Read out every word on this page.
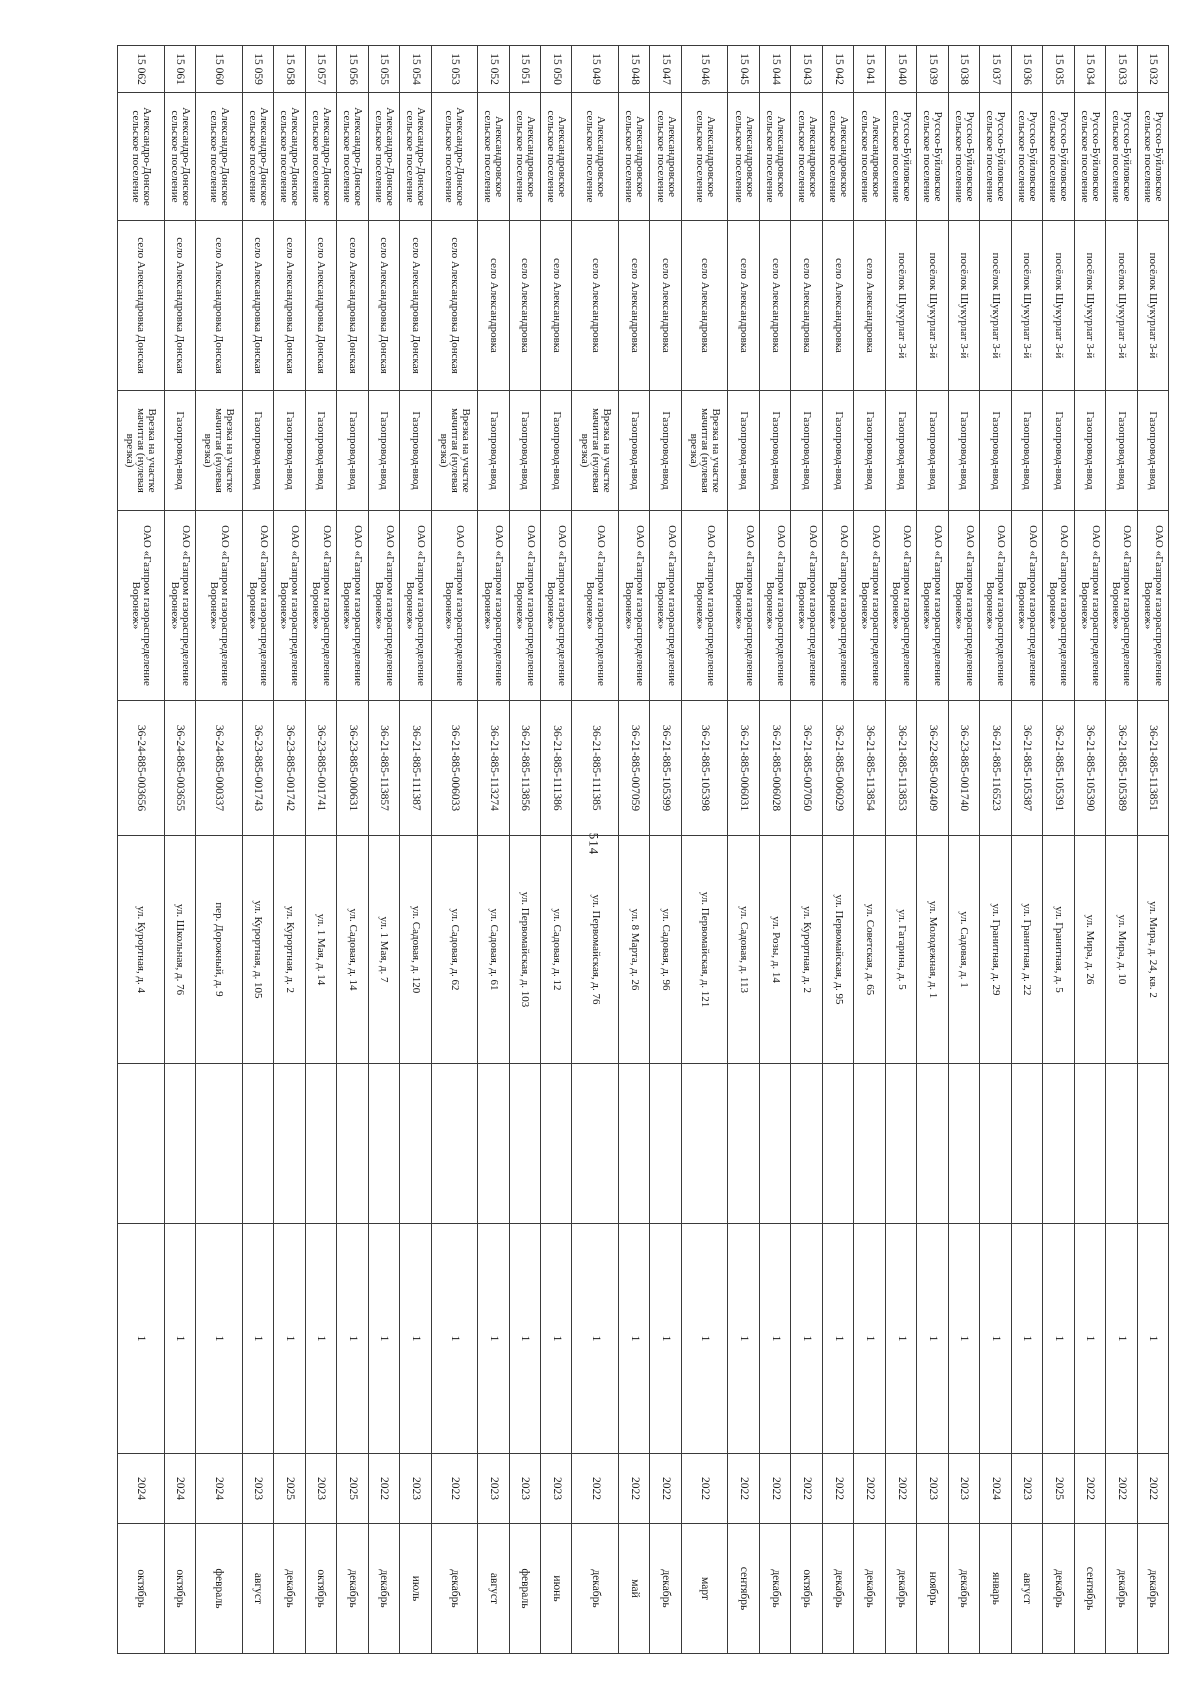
514
15 032	Руссκо-Буйловское сельское поселение	посёлок Шукурлат 3-й	Газопровод-ввод	ОАО «Газпром газораспределение Воронеж»	36-21-885-113851	ул. Мира, д. 24, кв. 2		1	2022	декабрь
15 033	Руссκо-Буйловское сельское поселение	посёлок Шукурлат 3-й	Газопровод-ввод	ОАО «Газпром газораспределение Воронеж»	36-21-885-105389	ул. Мира, д. 10		1	2022	декабрь
15 034	Руссκо-Буйловское сельское поселение	посёлок Шукурлат 3-й	Газопровод-ввод	ОАО «Газпром газораспределение Воронеж»	36-21-885-105390	ул. Мира, д. 26		1	2022	сентябрь
15 035	Руссκо-Буйловское сельское поселение	посёлок Шукурлат 3-й	Газопровод-ввод	ОАО «Газпром газораспределение Воронеж»	36-21-885-105391	ул. Гранитная, д. 5		1	2025	декабрь
15 036	Руссκо-Буйловское сельское поселение	посёлок Шукурлат 3-й	Газопровод-ввод	ОАО «Газпром газораспределение Воронеж»	36-21-885-105387	ул. Гранитная, д. 22		1	2023	август
15 037	Руссκо-Буйловское сельское поселение	посёлок Шукурлат 3-й	Газопровод-ввод	ОАО «Газпром газораспределение Воронеж»	36-21-885-116523	ул. Гранитная, д. 29		1	2024	январь
15 038	Руссκо-Буйловское сельское поселение	посёлок Шукурлат 3-й	Газопровод-ввод	ОАО «Газпром газораспределение Воронеж»	36-23-885-001740	ул. Садовая, д. 1		1	2023	декабрь
15 039	Руссκо-Буйловское сельское поселение	посёлок Шукурлат 3-й	Газопровод-ввод	ОАО «Газпром газораспределение Воронеж»	36-22-885-002409	ул. Молодежная, д. 1		1	2023	ноябрь
15 040	Руссκо-Буйловское сельское поселение	посёлок Шукурлат 3-й	Газопровод-ввод	ОАО «Газпром газораспределение Воронеж»	36-21-885-113853	ул. Гагарина, д. 5		1	2022	декабрь
15 041	Александровское сельское поселение	село Александровка	Газопровод-ввод	ОАО «Газпром газораспределение Воронеж»	36-21-885-113854	ул. Советская, д. 65		1	2022	декабрь
15 042	Александровское сельское поселение	село Александровка	Газопровод-ввод	ОАО «Газпром газораспределение Воронеж»	36-21-885-006029	ул. Первомайская, д. 95		1	2022	декабрь
15 043	Александровское сельское поселение	село Александровка	Газопровод-ввод	ОАО «Газпром газораспределение Воронеж»	36-21-885-007050	ул. Курортная, д. 2		1	2022	октябрь
15 044	Александровское сельское поселение	село Александровка	Газопровод-ввод	ОАО «Газпром газораспределение Воронеж»	36-21-885-006028	ул. Розы, д. 14		1	2022	декабрь
15 045	Александровское сельское поселение	село Александровка	Газопровод-ввод	ОАО «Газпром газораспределение Воронеж»	36-21-885-006031	ул. Садовая, д. 113		1	2022	сентябрь
15 046	Александровское сельское поселение	село Александровка	Врезка на участке мачитгая (нулевая врезка)	ОАО «Газпром газораспределение Воронеж»	36-21-885-105398	ул. Первомайская, д. 121		1	2022	март
15 047	Александровское сельское поселение	село Александровка	Газопровод-ввод	ОАО «Газпром газораспределение Воронеж»	36-21-885-105399	ул. Садовая, д. 96		1	2022	декабрь
15 048	Александровское сельское поселение	село Александровка	Газопровод-ввод	ОАО «Газпром газораспределение Воронеж»	36-21-885-007059	ул. 8 Марта, д. 26		1	2022	май
15 049	Александровское сельское поселение	село Александровка	Врезка на участке мачитгая (нулевая врезка)	ОАО «Газпром газораспределение Воронеж»	36-21-885-111385	ул. Первомайская, д. 76		1	2022	декабрь
15 050	Александровское сельское поселение	село Александровка	Газопровод-ввод	ОАО «Газпром газораспределение Воронеж»	36-21-885-111386	ул. Садовая, д. 12		1	2023	июнь
15 051	Александровское сельское поселение	село Александровка	Газопровод-ввод	ОАО «Газпром газораспределение Воронеж»	36-21-885-113856	ул. Первомайская, д. 103		1	2023	февраль
15 052	Александровское сельское поселение	село Александровка	Газопровод-ввод	ОАО «Газпром газораспределение Воронеж»	36-21-885-113274	ул. Садовая, д. 61		1	2023	август
15 053	Александро-Донское сельское поселение	село Александровка Донская	Врезка на участке мачитгая (нулевая врезка)	ОАО «Газпром газораспределение Воронеж»	36-21-885-006033	ул. Садовая, д. 62		1	2022	декабрь
15 054	Александро-Донское сельское поселение	село Александровка Донская	Газопровод-ввод	ОАО «Газпром газораспределение Воронеж»	36-21-885-111387	ул. Садовая, д. 120		1	2023	июль
15 055	Александро-Донское сельское поселение	село Александровка Донская	Газопровод-ввод	ОАО «Газпром газораспределение Воронеж»	36-21-885-113857	ул. 1 Мая, д. 7		1	2022	декабрь
15 056	Александро-Донское сельское поселение	село Александровка Донская	Газопровод-ввод	ОАО «Газпром газораспределение Воронеж»	36-23-885-000631	ул. Садовая, д. 14		1	2025	декабрь
15 057	Александро-Донское сельское поселение	село Александровка Донская	Газопровод-ввод	ОАО «Газпром газораспределение Воронеж»	36-23-885-001741	ул. 1 Мая, д. 14		1	2023	октябрь
15 058	Александро-Донское сельское поселение	село Александровка Донская	Газопровод-ввод	ОАО «Газпром газораспределение Воронеж»	36-23-885-001742	ул. Курортная, д. 2		1	2025	декабрь
15 059	Александро-Донское сельское поселение	село Александровка Донская	Газопровод-ввод	ОАО «Газпром газораспределение Воронеж»	36-23-885-001743	ул. Курортная, д. 105		1	2023	август
15 060	Александро-Донское сельское поселение	село Александровка Донская	Врезка на участке мачитгая (нулевая врезка)	ОАО «Газпром газораспределение Воронеж»	36-24-885-000337	пер. Дорожный, д. 9		1	2024	февраль
15 061	Александро-Донское сельское поселение	село Александровка Донская	Газопровод-ввод	ОАО «Газпром газораспределение Воронеж»	36-24-885-003655	ул. Школьная, д. 76		1	2024	октябрь
15 062	Александро-Донское сельское поселение	село Александровка Донская	Врезка на участке мачитгая (нулевая врезка)	ОАО «Газпром газораспределение Воронеж»	36-24-885-003656	ул. Курортная, д. 4		1	2024	октябрь
